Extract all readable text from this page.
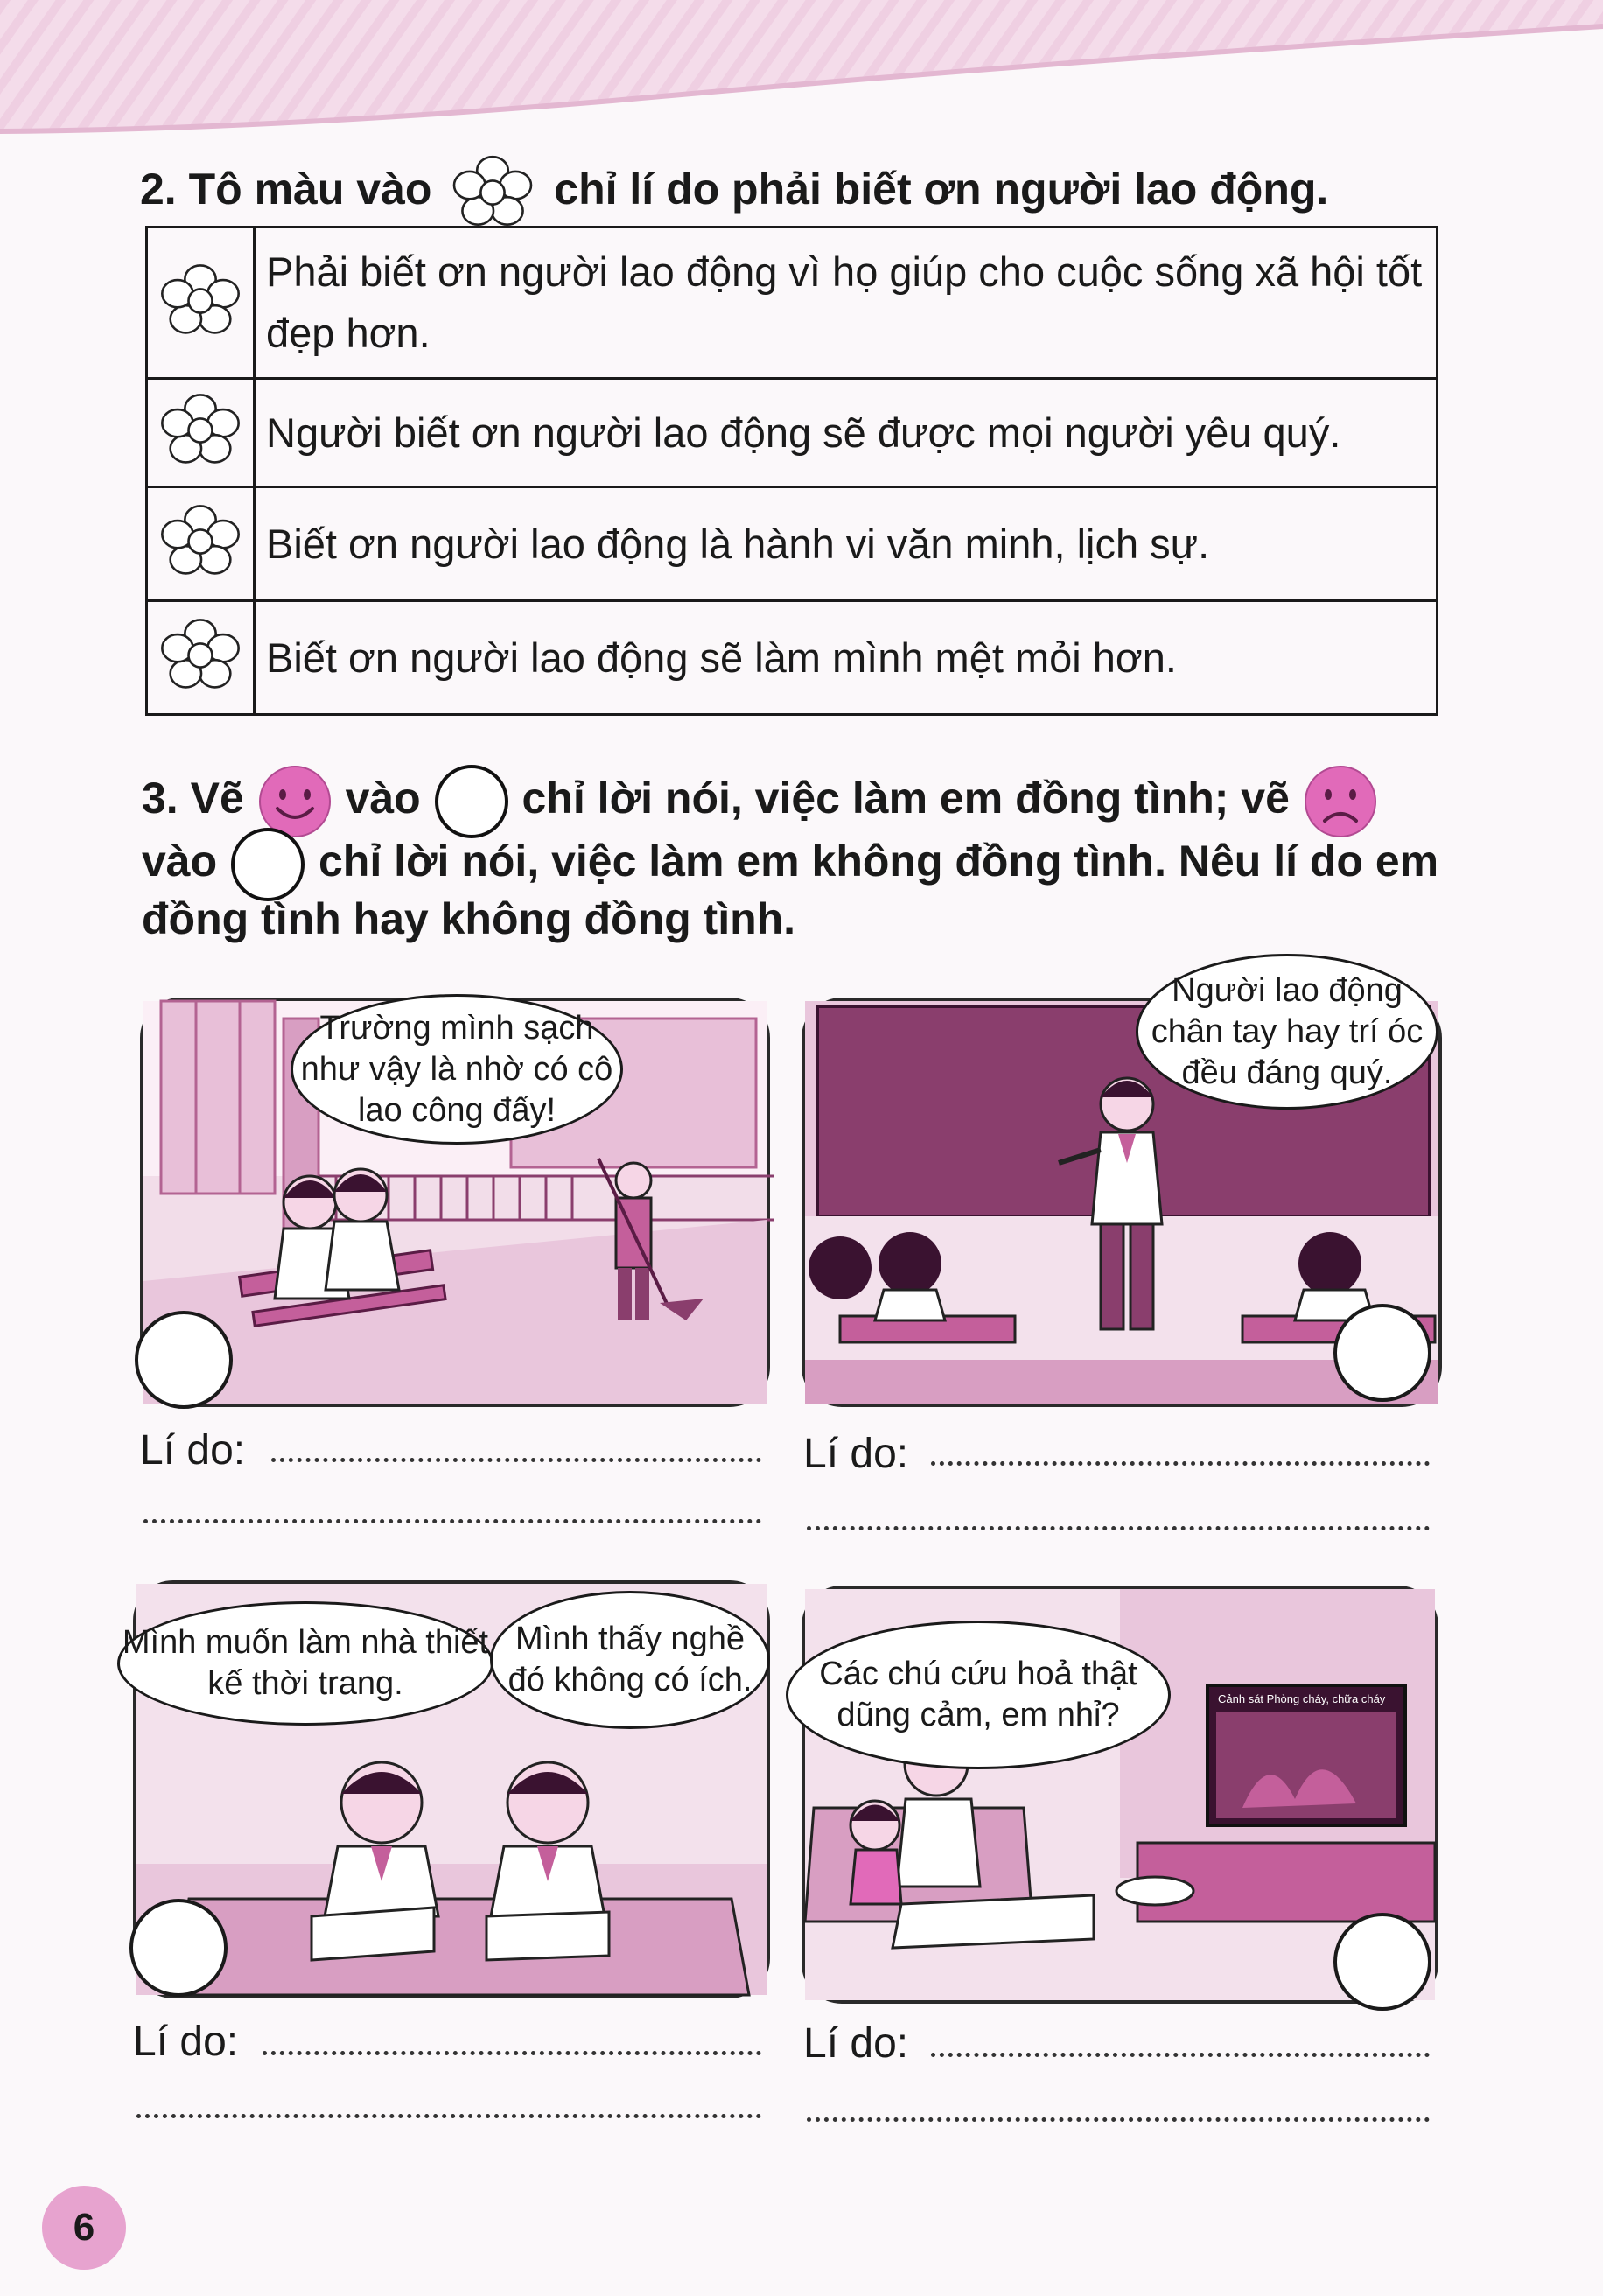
2. Tô màu vào	chỉ lí do phải biết ơn người lao động.
	Phải biết ơn người lao động vì họ giúp cho cuộc sống xã hội tốt đẹp hơn.
	Người biết ơn người lao động sẽ được mọi người yêu quý.
	Biết ơn người lao động là hành vi văn minh, lịch sự.
	Biết ơn người lao động sẽ làm mình mệt mỏi hơn.
3. Vẽ vào chỉ lời nói, việc làm em đồng tình; vẽ
vào chỉ lời nói, việc làm em không đồng tình. Nêu lí do em
đồng tình hay không đồng tình.
Trường mình sạch như vậy là nhờ có cô lao công đấy!
Người lao động chân tay hay trí óc đều đáng quý.
Lí do:	Lí do:
Mình muốn làm nhà thiết kế thời trang.
Mình thấy nghề đó không có ích.
Cảnh sát Phòng cháy, chữa cháy
Các chú cứu hoả thật dũng cảm, em nhỉ?
Lí do:	Lí do:
6
